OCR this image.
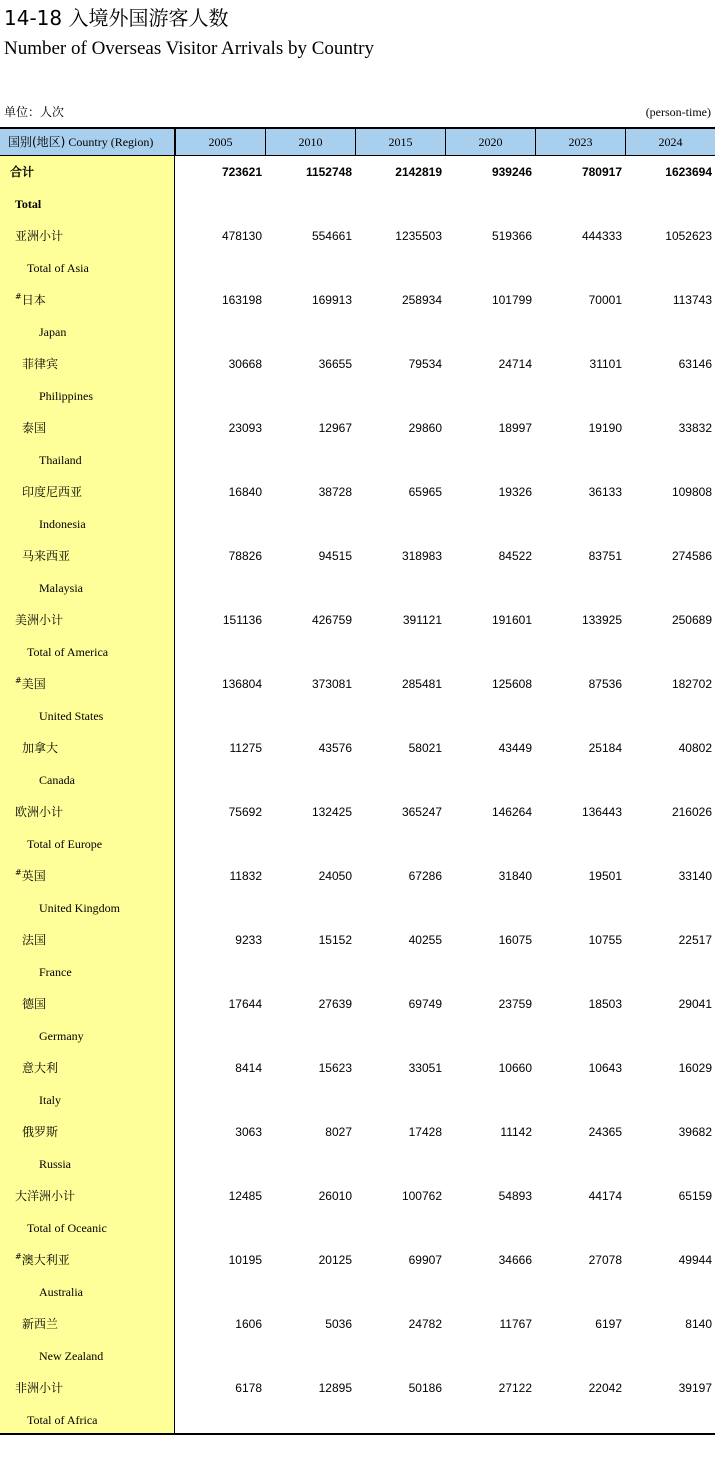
14-18 入境外国游客人数
Number of Overseas Visitor Arrivals by Country
单位：人次	(person-time)
国别(地区) Country (Region)	2005	2010	2015	2020	2023	2024
合计
Total
723621	1152748	2142819	939246	780917	1623694
亚洲小计
Total of Asia
478130	554661	1235503	519366	444333	1052623
#日本
Japan
163198	169913	258934	101799	70001	113743
菲律宾
Philippines
30668	36655	79534	24714	31101	63146
泰国
Thailand
23093	12967	29860	18997	19190	33832
印度尼西亚
Indonesia
16840	38728	65965	19326	36133	109808
马来西亚
Malaysia
78826	94515	318983	84522	83751	274586
美洲小计
Total of America
151136	426759	391121	191601	133925	250689
#美国
United States
136804	373081	285481	125608	87536	182702
加拿大
Canada
11275	43576	58021	43449	25184	40802
欧洲小计
Total of Europe
75692	132425	365247	146264	136443	216026
#英国
United Kingdom
11832	24050	67286	31840	19501	33140
法国
France
9233	15152	40255	16075	10755	22517
德国
Germany
17644	27639	69749	23759	18503	29041
意大利
Italy
8414	15623	33051	10660	10643	16029
俄罗斯
Russia
3063	8027	17428	11142	24365	39682
大洋洲小计
Total of Oceanic
12485	26010	100762	54893	44174	65159
#澳大利亚
Australia
10195	20125	69907	34666	27078	49944
新西兰
New Zealand
1606	5036	24782	11767	6197	8140
非洲小计
Total of Africa
6178	12895	50186	27122	22042	39197
